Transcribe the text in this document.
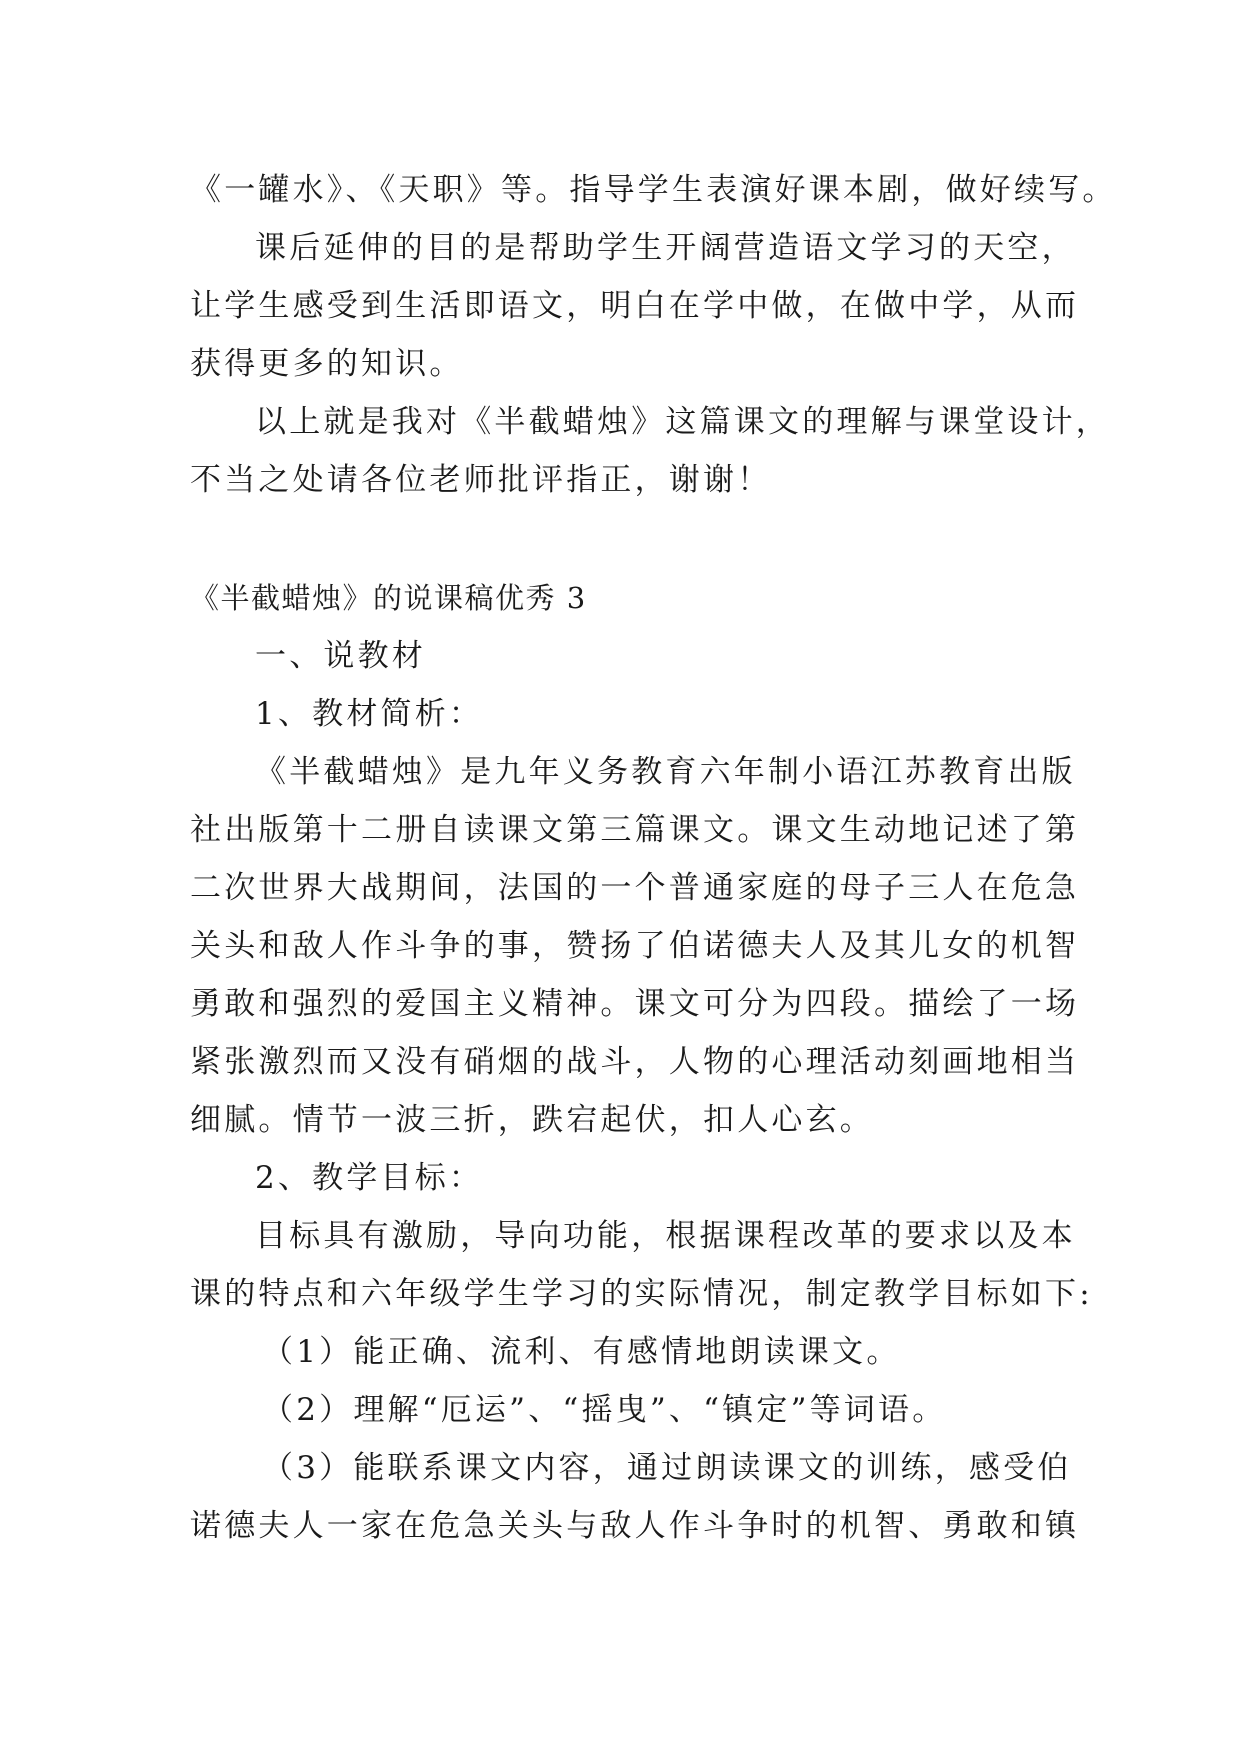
《一罐水》、《天职》等。指导学生表演好课本剧，做好续写。
课后延伸的目的是帮助学生开阔营造语文学习的天空，
让学生感受到生活即语文，明白在学中做，在做中学，从而
获得更多的知识。
以上就是我对《半截蜡烛》这篇课文的理解与课堂设计，
不当之处请各位老师批评指正，谢谢！
《半截蜡烛》的说课稿优秀 3
一、说教材
1、教材简析：
《半截蜡烛》是九年义务教育六年制小语江苏教育出版
社出版第十二册自读课文第三篇课文。课文生动地记述了第
二次世界大战期间，法国的一个普通家庭的母子三人在危急
关头和敌人作斗争的事，赞扬了伯诺德夫人及其儿女的机智
勇敢和强烈的爱国主义精神。课文可分为四段。描绘了一场
紧张激烈而又没有硝烟的战斗，人物的心理活动刻画地相当
细腻。情节一波三折，跌宕起伏，扣人心玄。
2、教学目标：
目标具有激励，导向功能，根据课程改革的要求以及本
课的特点和六年级学生学习的实际情况，制定教学目标如下:
（1）能正确、流利、有感情地朗读课文。
（2）理解“厄运”、“摇曳”、“镇定”等词语。
（3）能联系课文内容，通过朗读课文的训练，感受伯
诺德夫人一家在危急关头与敌人作斗争时的机智、勇敢和镇
